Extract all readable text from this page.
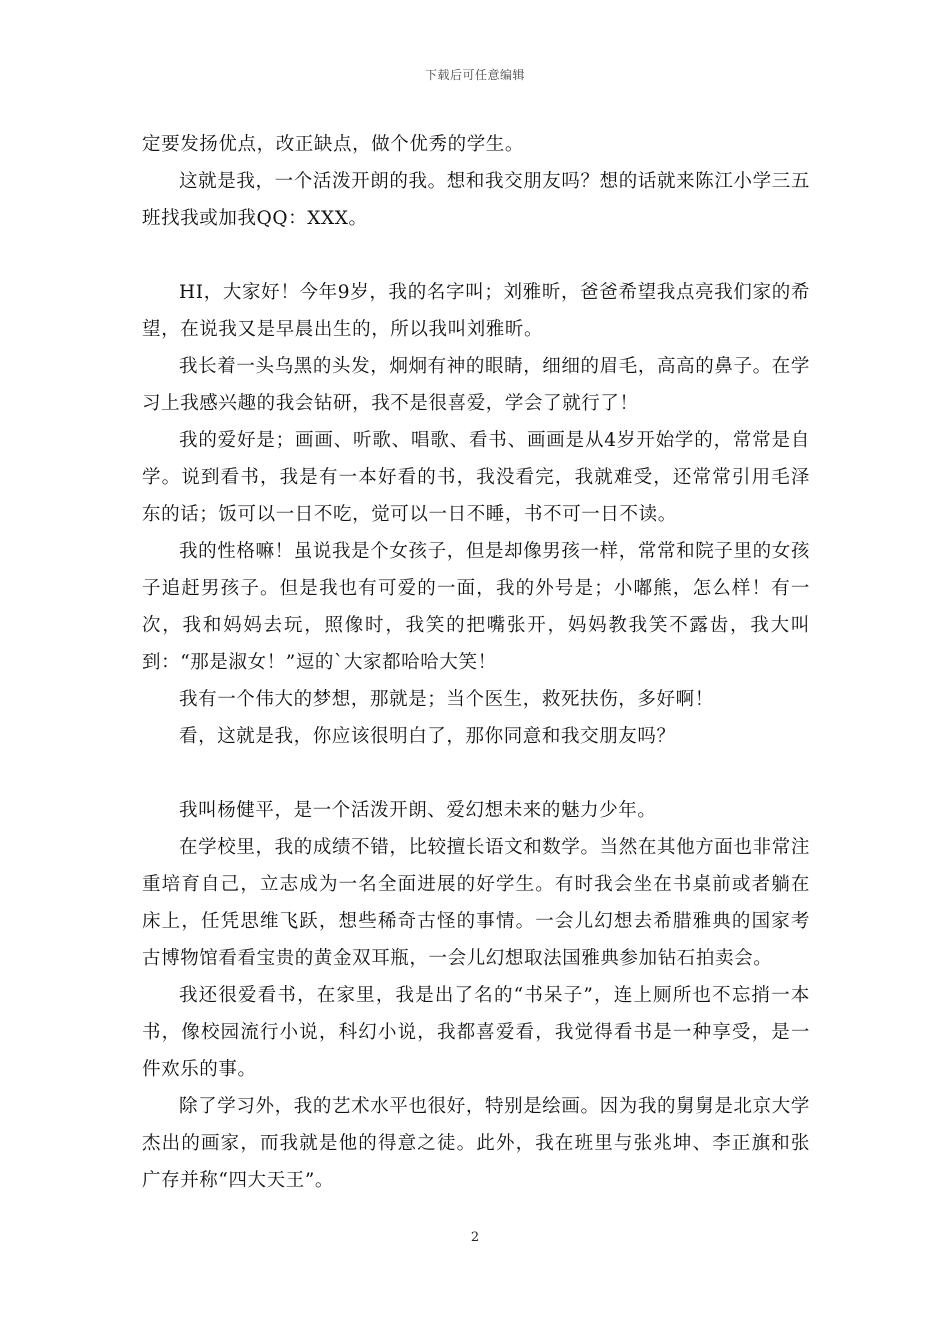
下载后可任意编辑

定要发扬优点，改正缺点，做个优秀的学生。

这就是我，一个活泼开朗的我。想和我交朋友吗？想的话就来陈江小学三五班找我或加我QQ：XXX。

HI，大家好！今年9岁，我的名字叫；刘雅昕，爸爸希望我点亮我们家的希望，在说我又是早晨出生的，所以我叫刘雅昕。

我长着一头乌黑的头发，炯炯有神的眼睛，细细的眉毛，高高的鼻子。在学习上我感兴趣的我会钻研，我不是很喜爱，学会了就行了！

我的爱好是；画画、听歌、唱歌、看书、画画是从4岁开始学的，常常是自学。说到看书，我是有一本好看的书，我没看完，我就难受，还常常引用毛泽东的话；饭可以一日不吃，觉可以一日不睡，书不可一日不读。

我的性格嘛！虽说我是个女孩子，但是却像男孩一样，常常和院子里的女孩子追赶男孩子。但是我也有可爱的一面，我的外号是；小嘟熊，怎么样！有一次，我和妈妈去玩，照像时，我笑的把嘴张开，妈妈教我笑不露齿，我大叫到：“那是淑女！”逗的`大家都哈哈大笑！

我有一个伟大的梦想，那就是；当个医生，救死扶伤，多好啊！

看，这就是我，你应该很明白了，那你同意和我交朋友吗？

我叫杨健平，是一个活泼开朗、爱幻想未来的魅力少年。

在学校里，我的成绩不错，比较擅长语文和数学。当然在其他方面也非常注重培育自己，立志成为一名全面进展的好学生。有时我会坐在书桌前或者躺在床上，任凭思维飞跃，想些稀奇古怪的事情。一会儿幻想去希腊雅典的国家考古博物馆看看宝贵的黄金双耳瓶，一会儿幻想取法国雅典参加钻石拍卖会。

我还很爱看书，在家里，我是出了名的“书呆子”，连上厕所也不忘捎一本书，像校园流行小说，科幻小说，我都喜爱看，我觉得看书是一种享受，是一件欢乐的事。

除了学习外，我的艺术水平也很好，特别是绘画。因为我的舅舅是北京大学杰出的画家，而我就是他的得意之徒。此外，我在班里与张兆坤、李正旗和张广存并称“四大天王”。

2
